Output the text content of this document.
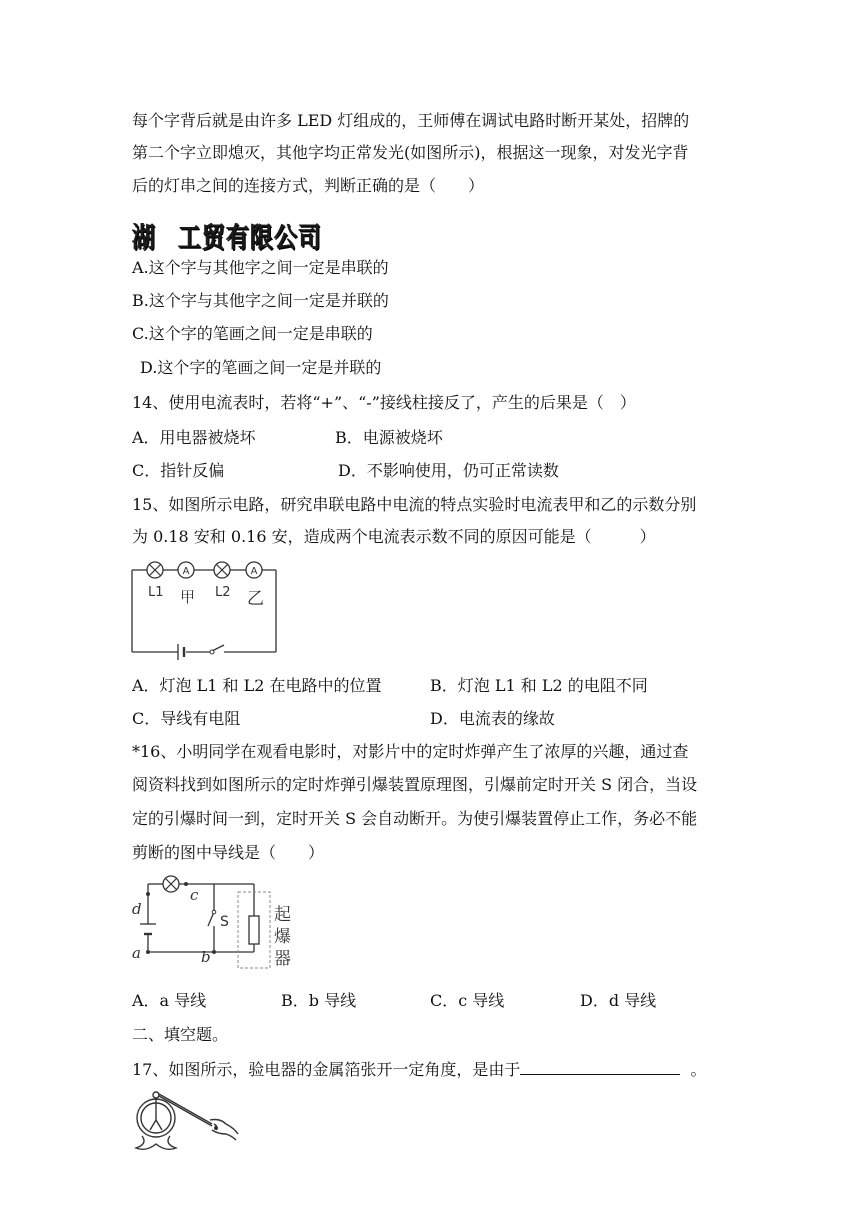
每个字背后就是由许多 LED 灯组成的，王师傅在调试电路时断开某处，招牌的
第二个字立即熄灭，其他字均正常发光(如图所示)，根据这一现象，对发光字背
后的灯串之间的连接方式，判断正确的是（　　）
湖 工贸有限公司
A.这个字与其他字之间一定是串联的
B.这个字与其他字之间一定是并联的
C.这个字的笔画之间一定是串联的
D.这个字的笔画之间一定是并联的
14、使用电流表时，若将“+”、“-”接线柱接反了，产生的后果是（　）
A．用电器被烧坏	B．电源被烧坏
C．指针反偏	D．不影响使用，仍可正常读数
15、如图所示电路，研究串联电路中电流的特点实验时电流表甲和乙的示数分别
为 0.18 安和 0.16 安，造成两个电流表示数不同的原因可能是（　　　）
A	A
L1 甲 L2 乙
A．灯泡 L1 和 L2 在电路中的位置	B．灯泡 L1 和 L2 的电阻不同
C．导线有电阻	D．电流表的缘故
*16、小明同学在观看电影时，对影片中的定时炸弹产生了浓厚的兴趣，通过查
阅资料找到如图所示的定时炸弹引爆装置原理图，引爆前定时开关 S 闭合，当设
定的引爆时间一到，定时开关 S 会自动断开。为使引爆装置停止工作，务必不能
剪断的图中导线是（　　）
c
d
a	b
S	起
爆
器
A．a 导线	B．b 导线	C．c 导线	D．d 导线
二、填空题。
17、如图所示，验电器的金属箔张开一定角度，是由于	。
